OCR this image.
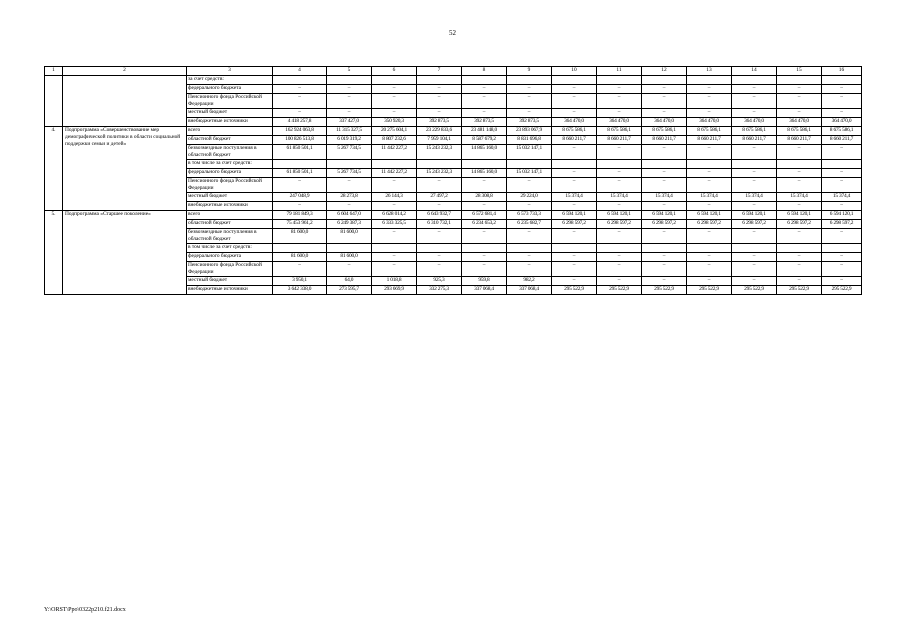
52
1	2	3	4	5	6	7	8	9	10	11	12	13	14	15	16
		за счет средств:													
		федерального бюджета	–	–	–	–	–	–	–	–	–	–	–	–	–
		Пенсионного фонда Российской Федерации	–	–	–	–	–	–	–	–	–	–	–	–	–
		местный бюджет	–	–	–	–	–	–	–	–	–	–	–	–	–
		внебюджетные источники	4 418 257,8	337 427,0	350 920,3	392 873,5	392 873,5	392 873,5	364 470,0	364 470,0	364 470,0	364 470,0	364 470,0	364 470,0	364 470,0
4.	Подпрограмма «Совершенствование мер демографической политики в области социальной поддержки семьи и детей»	всего	162 924 063,8	11 315 327,5	20 275 604,1	23 229 833,6	23 481 148,0	23 893 067,9	8 675 586,1	8 675 586,1	8 675 586,1	8 675 586,1	8 675 586,1	8 675 586,1	8 675 586,1
		областной бюджет	100 826 513,8	6 019 319,2	8 807 232,6	7 959 104,1	8 587 679,2	8 831 696,8	8 660 211,7	8 660 211,7	8 660 211,7	8 660 211,7	8 660 211,7	8 660 211,7	8 660 211,7
		безвозмездные поступления в областной бюджет	61 850 501,1	5 267 734,5	11 442 227,2	15 243 232,3	14 865 160,0	15 032 147,1	–	–	–	–	–	–	–
		в том числе за счет средств:													
		федерального бюджета	61 850 501,1	5 267 734,5	11 442 227,2	15 243 232,3	14 865 160,0	15 032 147,1	–	–	–	–	–	–	–
		Пенсионного фонда Российской Федерации	–	–	–	–	–	–	–	–	–	–	–	–	–
		местный бюджет	247 048,9	28 273,8	26 144,3	27 497,2	28 308,8	29 224,0	15 374,4	15 374,4	15 374,4	15 374,4	15 374,4	15 374,4	15 374,4
		внебюджетные источники	–	–	–	–	–	–	–	–	–	–	–	–	–
5.	Подпрограмма «Старшее поколение»	всего	79 181 849,3	6 604 647,0	6 628 014,2	6 643 932,7	6 572 681,4	6 573 733,3	6 594 120,1	6 594 120,1	6 594 120,1	6 594 120,1	6 594 120,1	6 594 120,1	6 594 120,1
		областной бюджет	75 453 961,2	6 249 387,3	6 333 325,5	6 310 732,1	6 234 653,2	6 235 682,7	6 298 597,2	6 298 597,2	6 298 597,2	6 298 597,2	6 298 597,2	6 298 597,2	6 298 597,2
		безвозмездные поступления в областной бюджет	81 600,0	81 600,0	–	–	–	–	–	–	–	–	–	–	–
		в том числе за счет средств:													
		федерального бюджета	81 600,0	81 600,0	–	–	–	–	–	–	–	–	–	–	–
		Пенсионного фонда Российской Федерации	–	–	–	–	–	–	–	–	–	–	–	–	–
		местный бюджет	3 950,1	64,0	1 018,8	925,3	959,8	982,2	–	–	–	–	–	–	–
		внебюджетные источники	3 642 338,0	273 595,7	293 669,9	332 275,3	337 068,4	337 068,4	295 522,9	295 522,9	295 522,9	295 522,9	295 522,9	295 522,9	295 522,9
Y:\ORST\Ppo\0322p210.f21.docx
